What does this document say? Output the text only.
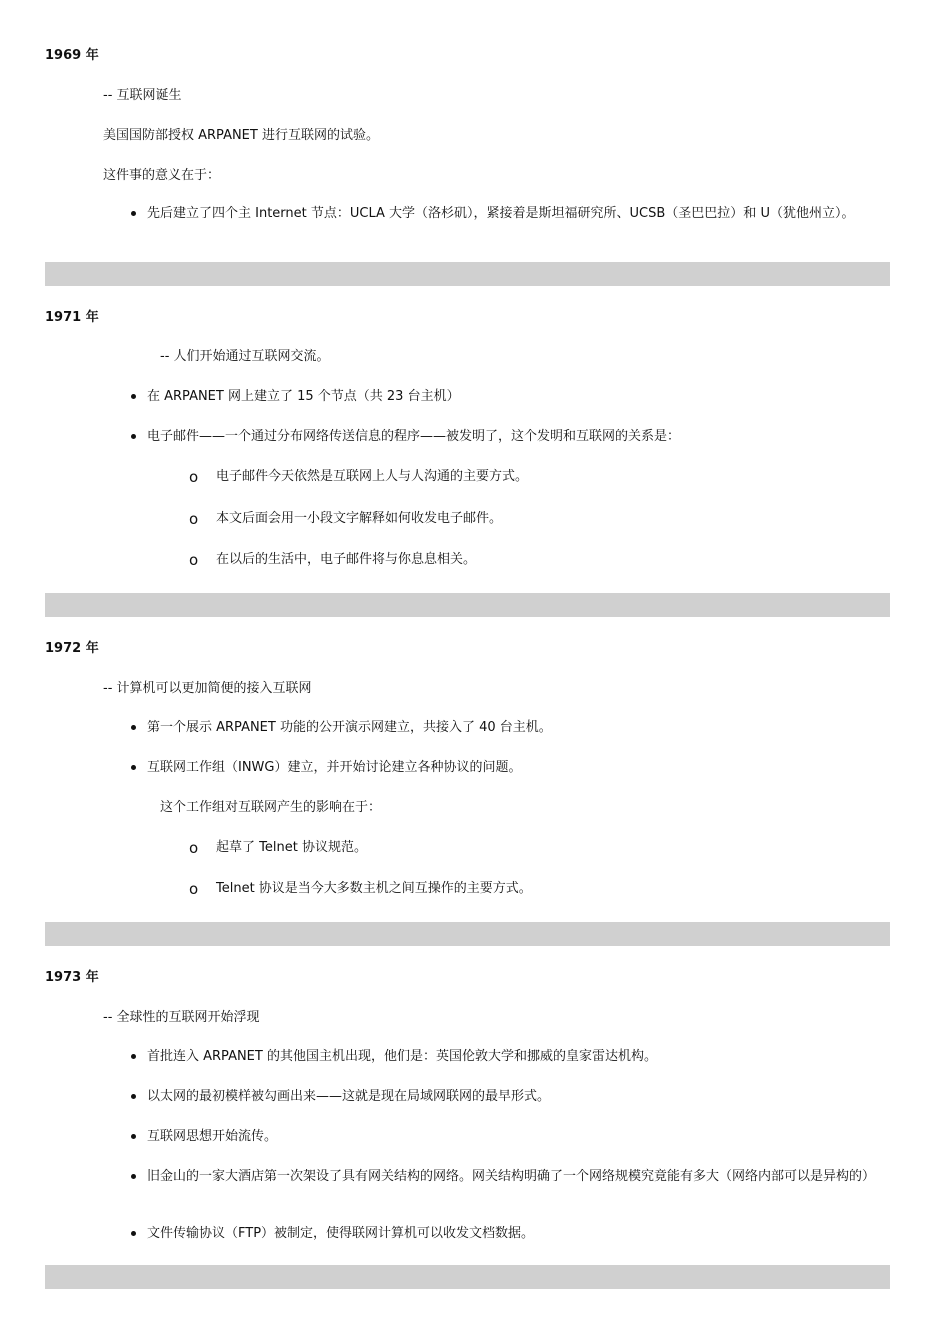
1969 年
-- 互联网诞生
美国国防部授权 ARPANET 进行互联网的试验。
这件事的意义在于：
先后建立了四个主 Internet 节点：UCLA 大学（洛杉矶），紧接着是斯坦福研究所、UCSB（圣巴巴拉）和 U（犹他州立）。
1971 年
-- 人们开始通过互联网交流。
在 ARPANET 网上建立了 15 个节点（共 23 台主机）
电子邮件——一个通过分布网络传送信息的程序——被发明了，这个发明和互联网的关系是：
o 电子邮件今天依然是互联网上人与人沟通的主要方式。
o 本文后面会用一小段文字解释如何收发电子邮件。
o 在以后的生活中，电子邮件将与你息息相关。
1972 年
-- 计算机可以更加简便的接入互联网
第一个展示 ARPANET 功能的公开演示网建立，共接入了 40 台主机。
互联网工作组（INWG）建立，并开始讨论建立各种协议的问题。
这个工作组对互联网产生的影响在于：
o 起草了 Telnet 协议规范。
o Telnet 协议是当今大多数主机之间互操作的主要方式。
1973 年
-- 全球性的互联网开始浮现
首批连入 ARPANET 的其他国主机出现，他们是：英国伦敦大学和挪威的皇家雷达机构。
以太网的最初模样被勾画出来——这就是现在局域网联网的最早形式。
互联网思想开始流传。
旧金山的一家大酒店第一次架设了具有网关结构的网络。网关结构明确了一个网络规模究竟能有多大（网络内部可以是异构的）
文件传输协议（FTP）被制定，使得联网计算机可以收发文档数据。
